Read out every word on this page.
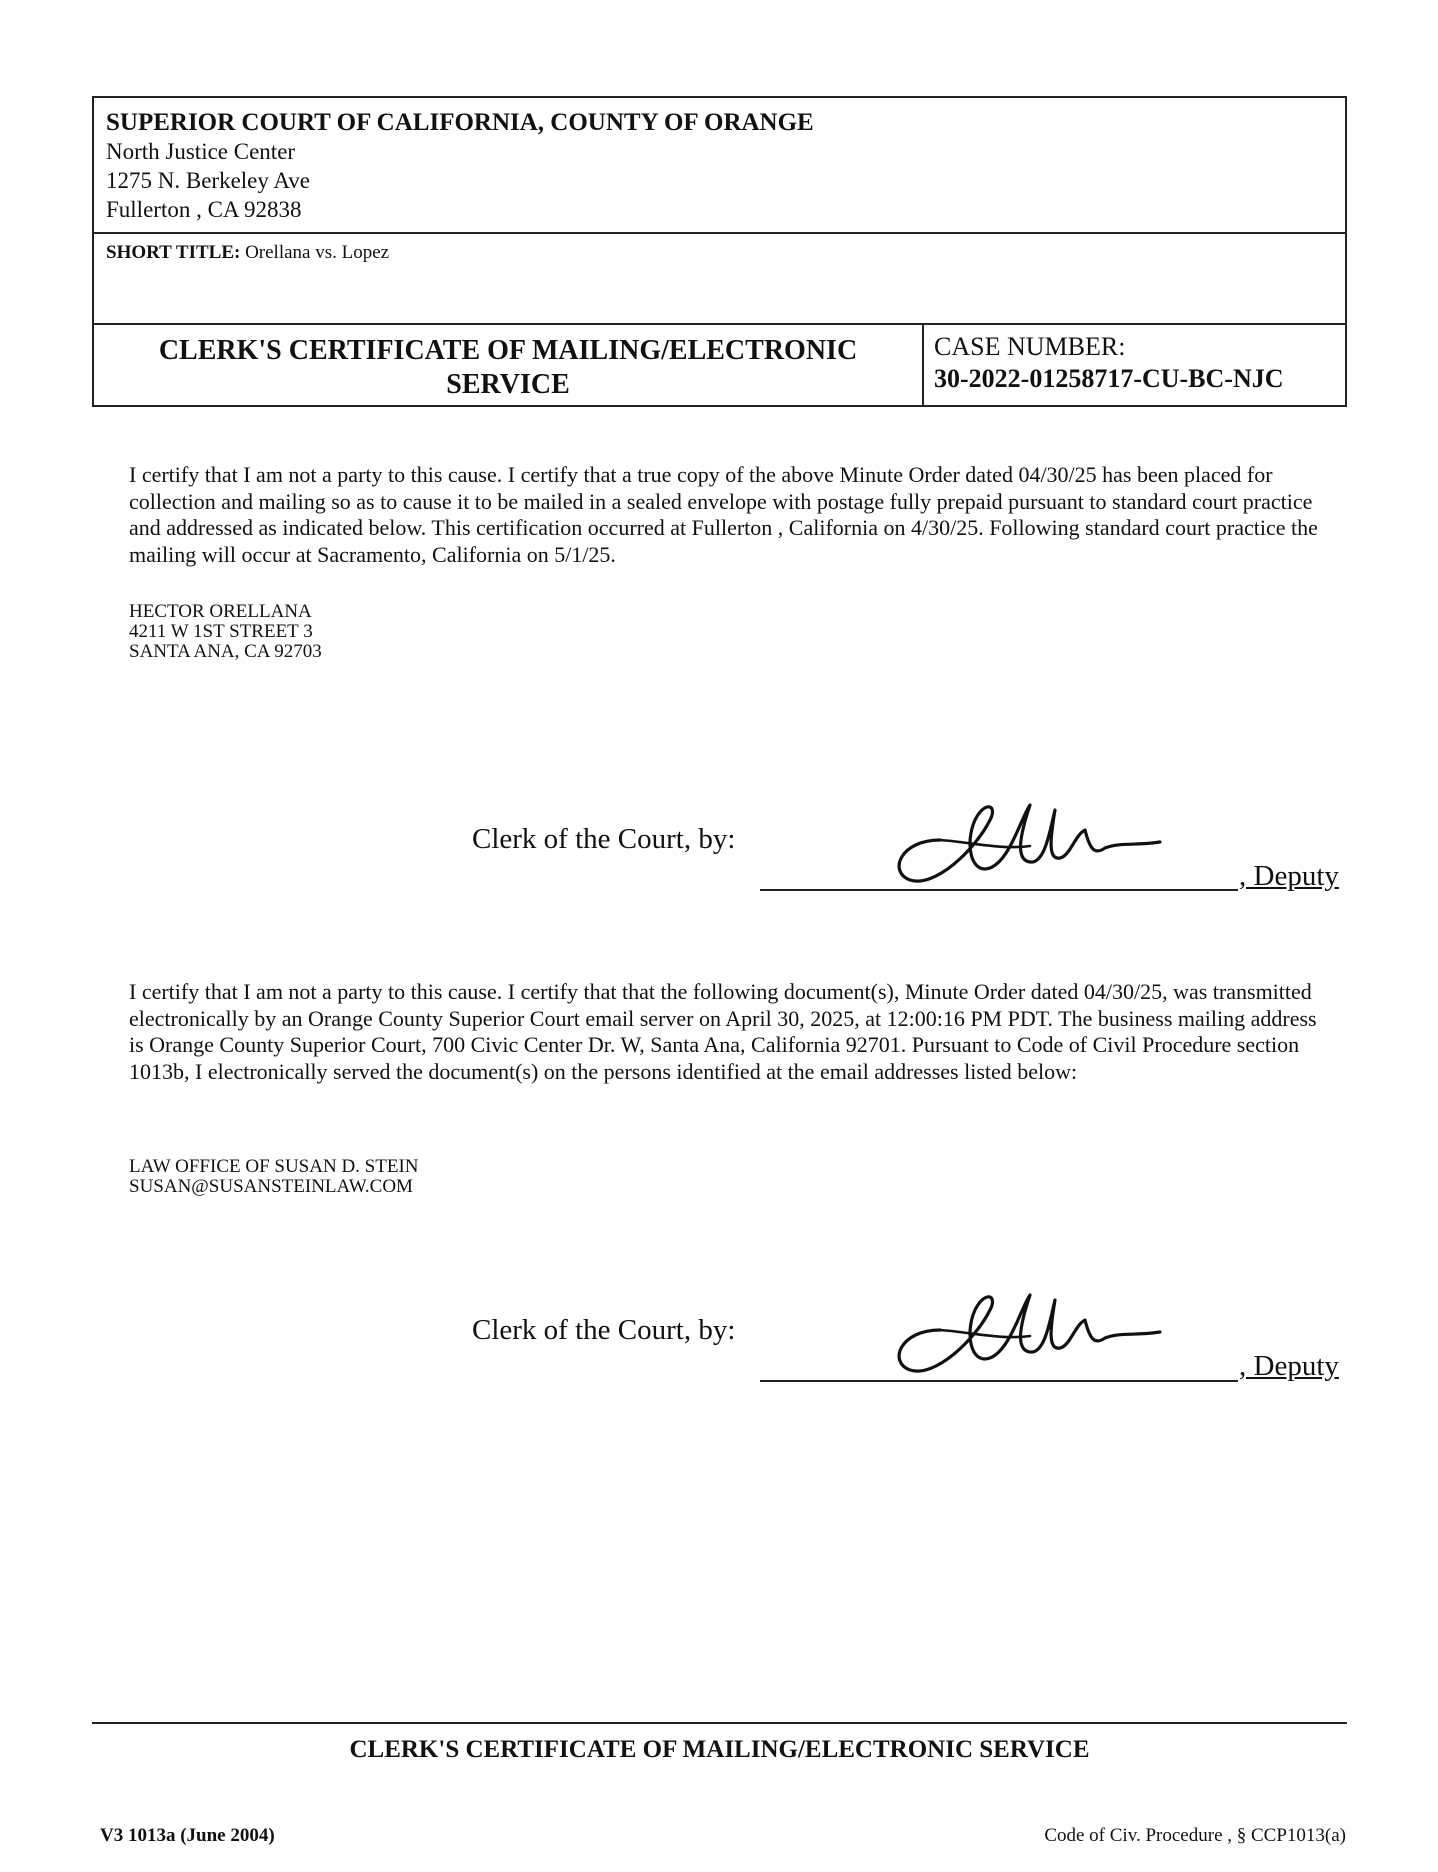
SUPERIOR COURT OF CALIFORNIA, COUNTY OF ORANGE
North Justice Center
1275 N. Berkeley Ave
Fullerton , CA 92838
SHORT TITLE: Orellana vs. Lopez
CLERK'S CERTIFICATE OF MAILING/ELECTRONIC
SERVICE
CASE NUMBER:
30-2022-01258717-CU-BC-NJC
I certify that I am not a party to this cause. I certify that a true copy of the above Minute Order dated 04/30/25 has been placed for collection and mailing so as to cause it to be mailed in a sealed envelope with postage fully prepaid pursuant to standard court practice and addressed as indicated below. This certification occurred at Fullerton , California on 4/30/25. Following standard court practice the mailing will occur at Sacramento, California on 5/1/25.
HECTOR ORELLANA
4211 W 1ST STREET 3
SANTA ANA, CA 92703
Clerk of the Court, by:
, Deputy
I certify that I am not a party to this cause. I certify that that the following document(s), Minute Order dated 04/30/25, was transmitted electronically by an Orange County Superior Court email server on April 30, 2025, at 12:00:16 PM PDT. The business mailing address is Orange County Superior Court, 700 Civic Center Dr. W, Santa Ana, California 92701. Pursuant to Code of Civil Procedure section 1013b, I electronically served the document(s) on the persons identified at the email addresses listed below:
LAW OFFICE OF SUSAN D. STEIN
SUSAN@SUSANSTEINLAW.COM
Clerk of the Court, by:
, Deputy
CLERK'S CERTIFICATE OF MAILING/ELECTRONIC SERVICE
V3 1013a (June 2004)	Code of Civ. Procedure , § CCP1013(a)
